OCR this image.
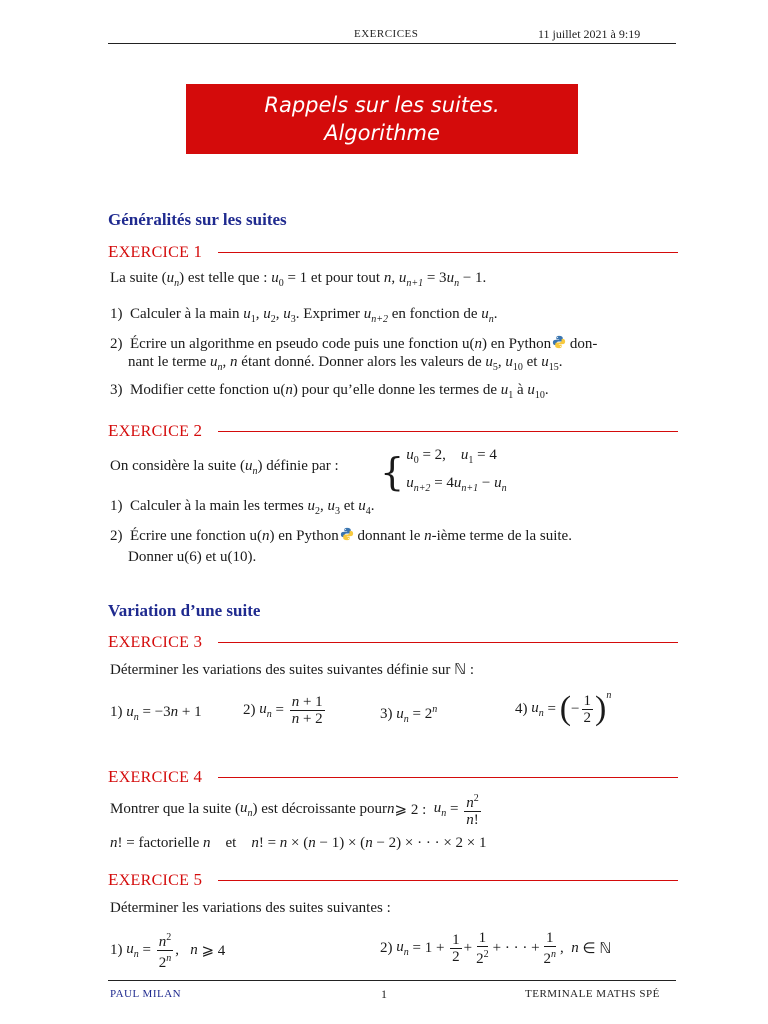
EXERCICES	11 juillet 2021 à 9:19
Rappels sur les suites.
Algorithme
Généralités sur les suites
EXERCICE 1
La suite $(u_n)$ est telle que : $u_0 = 1$ et pour tout n, $u_{n+1} = 3u_n - 1$.
1) Calculer à la main $u_1$, $u_2$, $u_3$. Exprimer $u_{n+2}$ en fonction de $u_n$.
2) Écrire un algorithme en pseudo code puis une fonction u(n) en Python don-
nant le terme $u_n$, n étant donné. Donner alors les valeurs de $u_5$, $u_{10}$ et $u_{15}$.
3) Modifier cette fonction u(n) pour qu’elle donne les termes de $u_1$ à $u_{10}$.
EXERCICE 2
On considère la suite $(u_n)$ définie par : { $u_0 = 2$, $u_1 = 4$
$u_{n+2} = 4u_{n+1} - u_n$
1) Calculer à la main les termes $u_2$, $u_3$ et $u_4$.
2) Écrire une fonction u(n) en Python donnant le n-ième terme de la suite.
Donner u(6) et u(10).
Variation d’une suite
EXERCICE 3
Déterminer les variations des suites suivantes définie sur ℕ :
1) $u_n = -3n + 1$	2)
$u_n = \frac{n + 1}{n + 2}$	3) $u_n = 2^n$	4)
$u_n$ = ( − $\frac{1}{2} )^n$
EXERCICE 4
Montrer que la suite ( $u_n$ ) est décroissante pour n ⩾ 2 :
$u_n = \frac{n^2}{n!}$
n! = factorielle n et n! = n × (n − 1) × (n − 2) × · · · × 2 × 1
EXERCICE 5
Déterminer les variations des suites suivantes :
1)
$u_n = \frac{n^2}{2^n}$ , n ⩾ 4	2)
$u_n = 1 + \frac{1}{2} + \frac{1}{2^2}$ + · · · + $\frac{1}{2^n}$ , n ∈ ℕ
PAUL MILAN	1	TERMINALE MATHS SPÉ
